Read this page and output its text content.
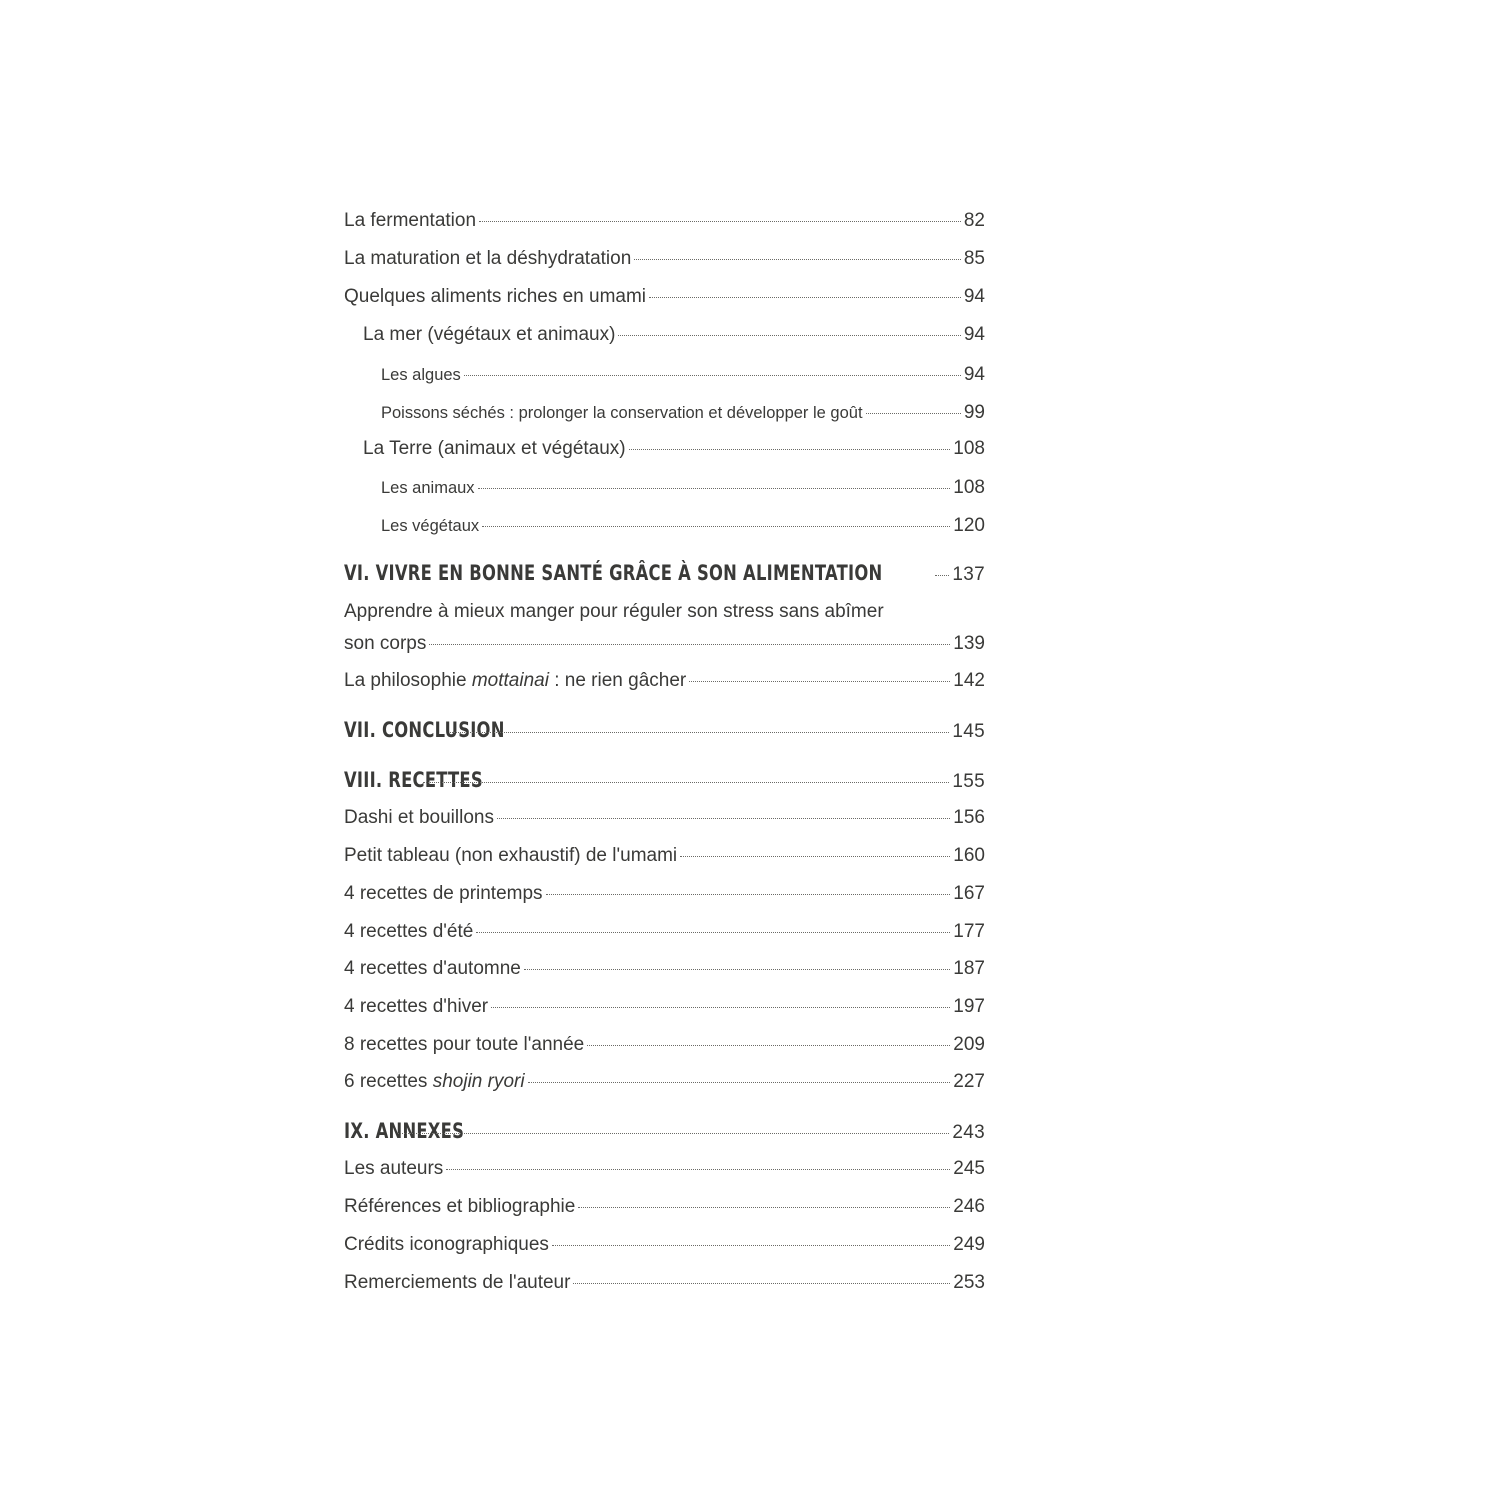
La fermentation	82
La maturation et la déshydratation	85
Quelques aliments riches en umami	94
La mer (végétaux et animaux)	94
Les algues	94
Poissons séchés : prolonger la conservation et développer le goût	99
La Terre (animaux et végétaux)	108
Les animaux	108
Les végétaux	120
VI. VIVRE EN BONNE SANTÉ GRÂCE À SON ALIMENTATION	137
Apprendre à mieux manger pour réguler son stress sans abîmer
son corps	139
La philosophie mottainai : ne rien gâcher	142
VII. CONCLUSION	145
VIII. RECETTES	155
Dashi et bouillons	156
Petit tableau (non exhaustif) de l'umami	160
4 recettes de printemps	167
4 recettes d'été	177
4 recettes d'automne	187
4 recettes d'hiver	197
8 recettes pour toute l'année	209
6 recettes shojin ryori	227
IX. ANNEXES	243
Les auteurs	245
Références et bibliographie	246
Crédits iconographiques	249
Remerciements de l'auteur	253
